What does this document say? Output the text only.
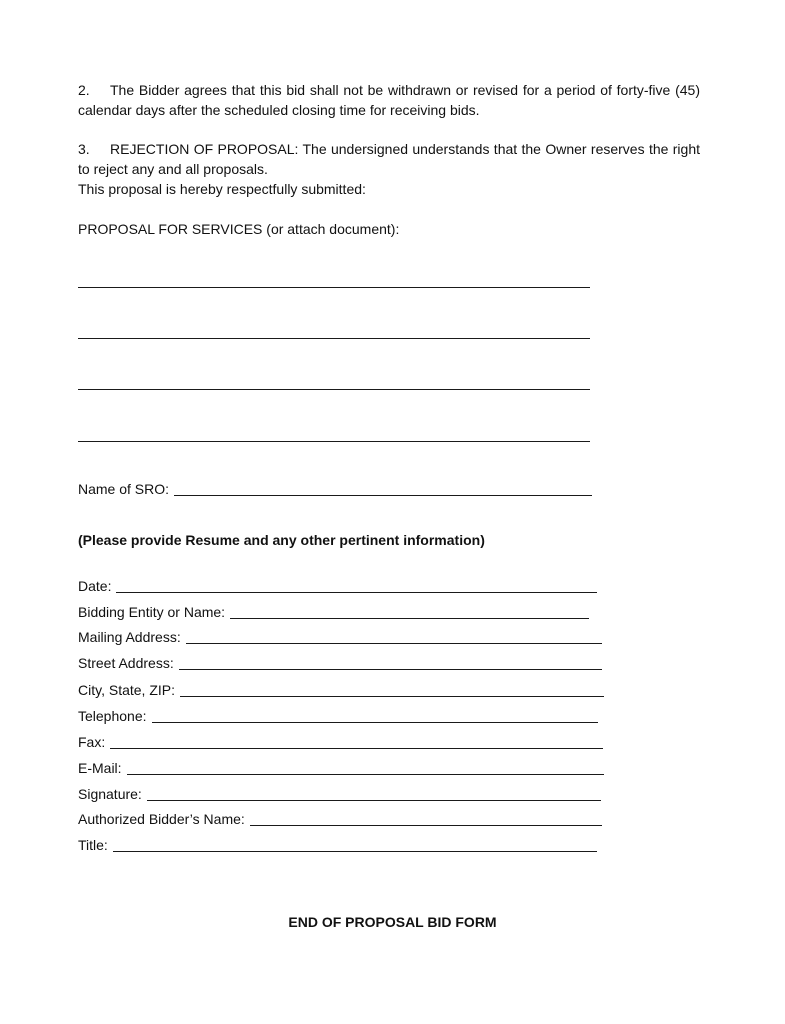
2. The Bidder agrees that this bid shall not be withdrawn or revised for a period of forty-five (45) calendar days after the scheduled closing time for receiving bids.

3. REJECTION OF PROPOSAL: The undersigned understands that the Owner reserves the right to reject any and all proposals.

This proposal is hereby respectfully submitted:

PROPOSAL FOR SERVICES (or attach document):

Name of SRO:

(Please provide Resume and any other pertinent information)

Date:
Bidding Entity or Name:
Mailing Address:
Street Address:
City, State, ZIP:
Telephone:
Fax:
E-Mail:
Signature:
Authorized Bidder’s Name:
Title:

END OF PROPOSAL BID FORM
